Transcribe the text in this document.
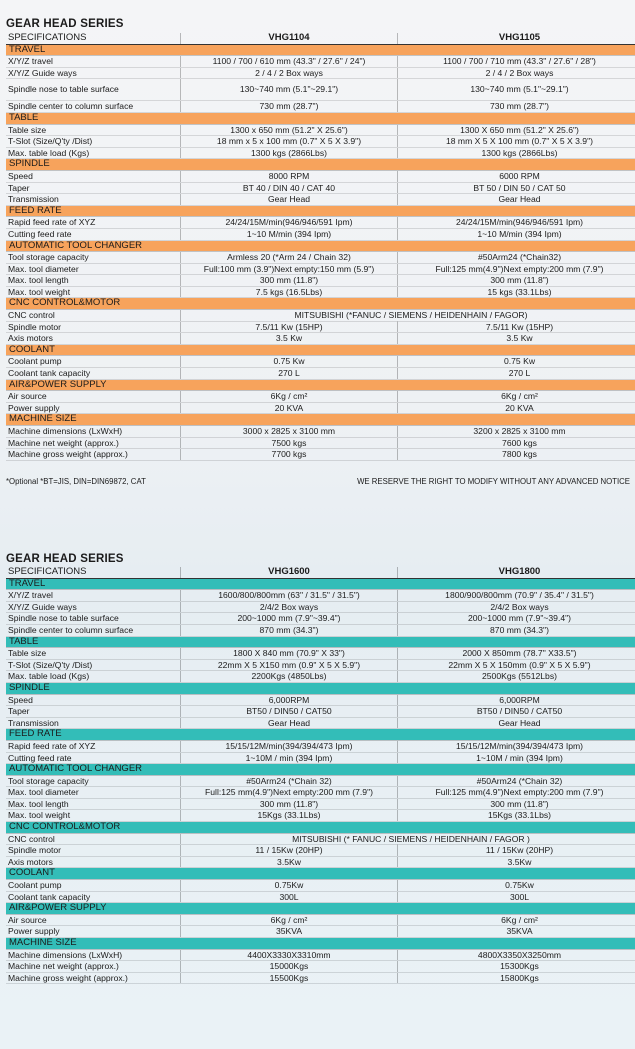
GEAR HEAD SERIES
SPECIFICATIONS	VHG1104	VHG1105
TRAVEL		
X/Y/Z travel	1100 / 700 / 610 mm (43.3" / 27.6" / 24")	1100 / 700 / 710 mm (43.3" / 27.6" / 28")
X/Y/Z Guide ways	2 / 4 / 2 Box ways	2 / 4 / 2 Box ways
Spindle nose to table surface	130~740 mm (5.1"~29.1")	130~740 mm (5.1"~29.1")
Spindle center to column surface	730 mm (28.7")	730 mm (28.7")
TABLE		
Table size	1300 x 650 mm (51.2" X 25.6")	1300 X 650 mm (51.2" X 25.6")
T-Slot (Size/Q'ty /Dist)	18 mm x 5 x 100 mm (0.7" X 5 X 3.9")	18 mm X 5 X 100 mm (0.7" X 5 X 3.9")
Max. table load (Kgs)	1300 kgs (2866Lbs)	1300 kgs (2866Lbs)
SPINDLE		
Speed	8000 RPM	6000 RPM
Taper	BT 40 / DIN 40 / CAT 40	BT 50 / DIN 50 / CAT 50
Transmission	Gear Head	Gear Head
FEED RATE		
Rapid feed rate of XYZ	24/24/15M/min(946/946/591 Ipm)	24/24/15M/min(946/946/591 Ipm)
Cutting feed rate	1~10 M/min (394 Ipm)	1~10 M/min (394 Ipm)
AUTOMATIC TOOL CHANGER		
Tool storage capacity	Armless 20 (*Arm 24 / Chain 32)	#50Arm24 (*Chain32)
Max. tool diameter	Full:100 mm (3.9")Next empty:150 mm (5.9")	Full:125 mm(4.9")Next empty:200 mm (7.9")
Max. tool length	300 mm (11.8")	300 mm (11.8")
Max. tool weight	7.5 kgs (16.5Lbs)	15 kgs (33.1Lbs)
CNC CONTROL&MOTOR		
CNC control	MITSUBISHI (*FANUC / SIEMENS / HEIDENHAIN / FAGOR)	
Spindle motor	7.5/11 Kw (15HP)	7.5/11 Kw (15HP)
Axis motors	3.5 Kw	3.5 Kw
COOLANT		
Coolant pump	0.75 Kw	0.75 Kw
Coolant tank capacity	270 L	270 L
AIR&POWER SUPPLY		
Air source	6Kg / cm²	6Kg / cm²
Power supply	20 KVA	20 KVA
MACHINE SIZE		
Machine dimensions (LxWxH)	3000 x 2825 x 3100 mm	3200 x 2825 x 3100 mm
Machine net weight (approx.)	7500 kgs	7600 kgs
Machine gross weight (approx.)	7700 kgs	7800 kgs
*Optional *BT=JIS, DIN=DIN69872, CAT	WE RESERVE THE RIGHT TO MODIFY WITHOUT ANY ADVANCED NOTICE
GEAR HEAD SERIES
SPECIFICATIONS	VHG1600	VHG1800
TRAVEL		
X/Y/Z travel	1600/800/800mm (63" / 31.5" / 31.5")	1800/900/800mm (70.9" / 35.4" / 31.5")
X/Y/Z Guide ways	2/4/2 Box ways	2/4/2 Box ways
Spindle nose to table surface	200~1000 mm (7.9"~39.4")	200~1000 mm (7.9"~39.4")
Spindle center to column surface	870 mm (34.3")	870 mm (34.3")
TABLE		
Table size	1800 X 840 mm (70.9" X 33")	2000 X 850mm (78.7" X33.5")
T-Slot (Size/Q'ty /Dist)	22mm X 5 X150 mm (0.9" X 5 X 5.9")	22mm X 5 X 150mm (0.9" X 5 X 5.9")
Max. table load (Kgs)	2200Kgs (4850Lbs)	2500Kgs (5512Lbs)
SPINDLE		
Speed	6,000RPM	6,000RPM
Taper	BT50 / DIN50 / CAT50	BT50 / DIN50 / CAT50
Transmission	Gear Head	Gear Head
FEED RATE		
Rapid feed rate of XYZ	15/15/12M/min(394/394/473 Ipm)	15/15/12M/min(394/394/473 Ipm)
Cutting feed rate	1~10M / min (394 Ipm)	1~10M / min (394 Ipm)
AUTOMATIC TOOL CHANGER		
Tool storage capacity	#50Arm24 (*Chain 32)	#50Arm24 (*Chain 32)
Max. tool diameter	Full:125 mm(4.9")Next empty:200 mm (7.9")	Full:125 mm(4.9")Next empty:200 mm (7.9")
Max. tool length	300 mm (11.8")	300 mm (11.8")
Max. tool weight	15Kgs (33.1Lbs)	15Kgs (33.1Lbs)
CNC CONTROL&MOTOR		
CNC control	MITSUBISHI (* FANUC / SIEMENS / HEIDENHAIN / FAGOR )	
Spindle motor	11 / 15Kw (20HP)	11 / 15Kw (20HP)
Axis motors	3.5Kw	3.5Kw
COOLANT		
Coolant pump	0.75Kw	0.75Kw
Coolant tank capacity	300L	300L
AIR&POWER SUPPLY		
Air source	6Kg / cm²	6Kg / cm²
Power supply	35KVA	35KVA
MACHINE SIZE		
Machine dimensions (LxWxH)	4400X3330X3310mm	4800X3350X3250mm
Machine net weight (approx.)	15000Kgs	15300Kgs
Machine gross weight (approx.)	15500Kgs	15800Kgs
